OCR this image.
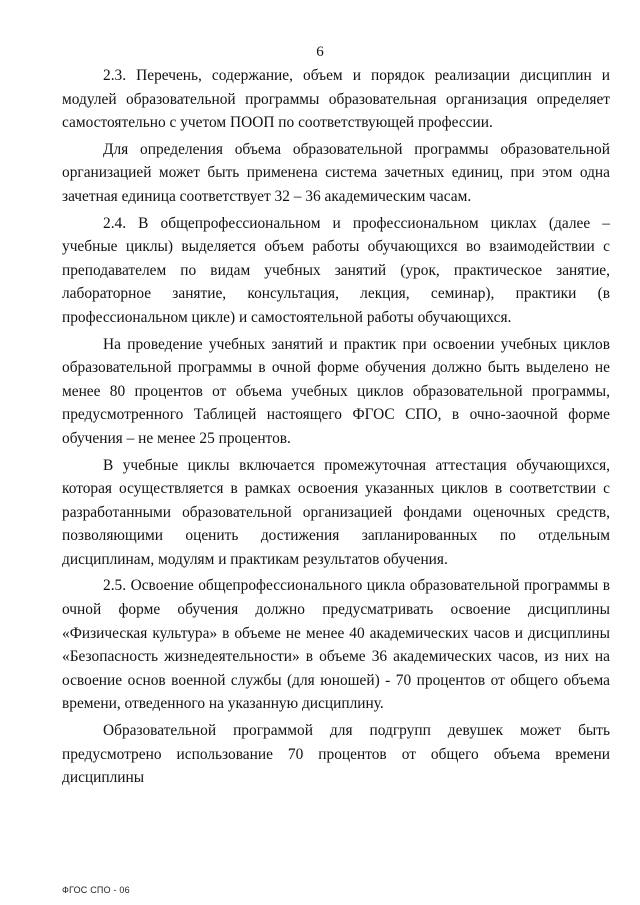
6

2.3. Перечень, содержание, объем и порядок реализации дисциплин и модулей образовательной программы образовательная организация определяет самостоятельно с учетом ПООП по соответствующей профессии.

Для определения объема образовательной программы образовательной организацией может быть применена система зачетных единиц, при этом одна зачетная единица соответствует 32 – 36 академическим часам.

2.4. В общепрофессиональном и профессиональном циклах (далее – учебные циклы) выделяется объем работы обучающихся во взаимодействии с преподавателем по видам учебных занятий (урок, практическое занятие, лабораторное занятие, консультация, лекция, семинар), практики (в профессиональном цикле) и самостоятельной работы обучающихся.

На проведение учебных занятий и практик при освоении учебных циклов образовательной программы в очной форме обучения должно быть выделено не менее 80 процентов от объема учебных циклов образовательной программы, предусмотренного Таблицей настоящего ФГОС СПО, в очно-заочной форме обучения – не менее 25 процентов.

В учебные циклы включается промежуточная аттестация обучающихся, которая осуществляется в рамках освоения указанных циклов в соответствии с разработанными образовательной организацией фондами оценочных средств, позволяющими оценить достижения запланированных по отдельным дисциплинам, модулям и практикам результатов обучения.

2.5. Освоение общепрофессионального цикла образовательной программы в очной форме обучения должно предусматривать освоение дисциплины «Физическая культура» в объеме не менее 40 академических часов и дисциплины «Безопасность жизнедеятельности» в объеме 36 академических часов, из них на освоение основ военной службы (для юношей) - 70 процентов от общего объема времени, отведенного на указанную дисциплину.

Образовательной программой для подгрупп девушек может быть предусмотрено использование 70 процентов от общего объема времени дисциплины

ФГОС СПО - 06
